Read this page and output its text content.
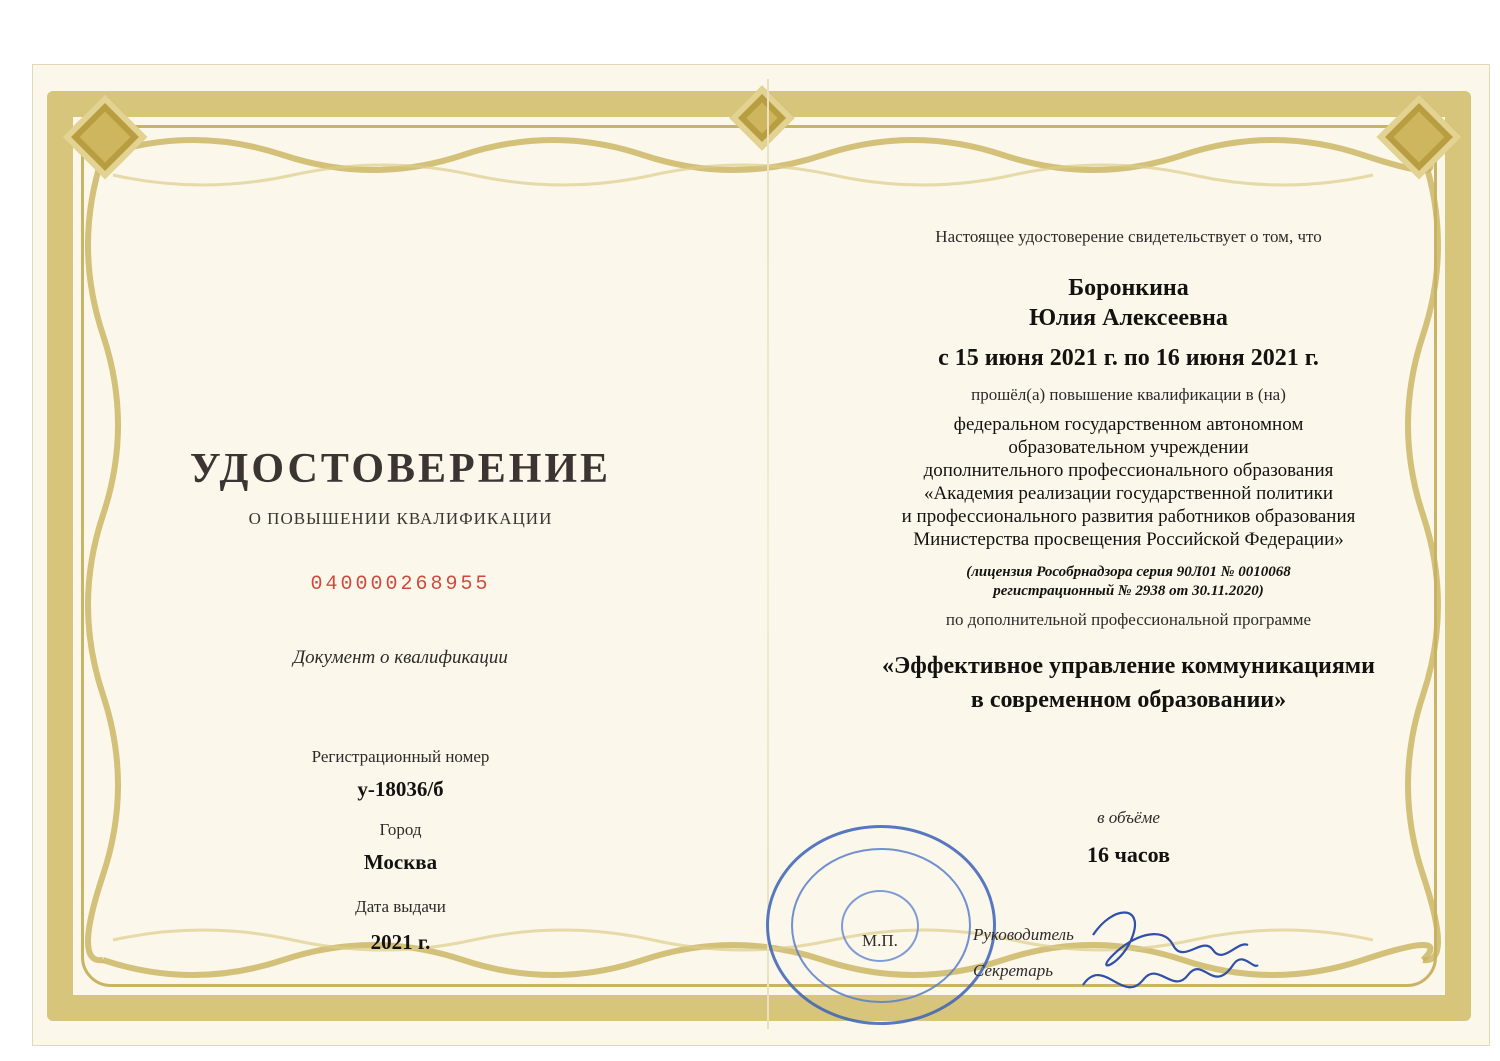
УДОСТОВЕРЕНИЕ
О ПОВЫШЕНИИ КВАЛИФИКАЦИИ
040000268955
Документ о квалификации
Регистрационный номер
у-18036/б
Город
Москва
Дата выдачи
2021 г.
Настоящее удостоверение свидетельствует о том, что
Боронкина
Юлия Алексеевна
с 15 июня 2021 г. по 16 июня 2021 г.
прошёл(а) повышение квалификации в (на)
федеральном государственном автономном
образовательном учреждении
дополнительного профессионального образования
«Академия реализации государственной политики
и профессионального развития работников образования
Министерства просвещения Российской Федерации»
(лицензия Рособрнадзора серия 90Л01 № 0010068
регистрационный № 2938 от 30.11.2020)
по дополнительной профессиональной программе
«Эффективное управление коммуникациями
в современном образовании»
в объёме
16 часов
М.П.	Руководитель
Секретарь
